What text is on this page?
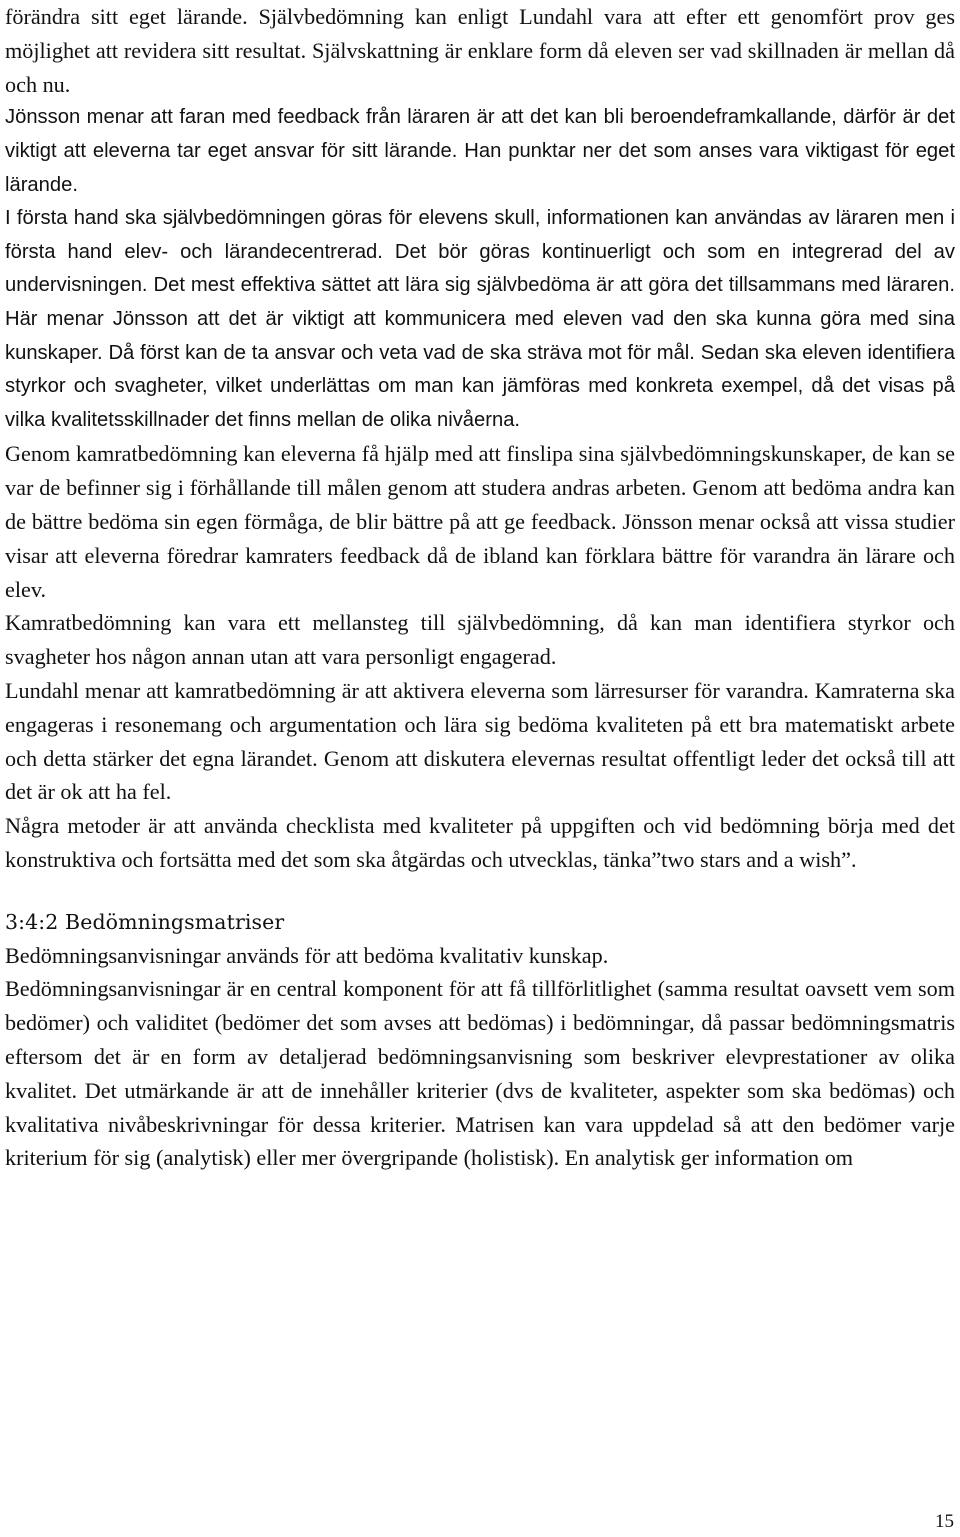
förändra sitt eget lärande. Självbedömning kan enligt Lundahl vara att efter ett genomfört prov ges möjlighet att revidera sitt resultat. Självskattning är enklare form då eleven ser vad skillnaden är mellan då och nu.
Jönsson menar att faran med feedback från läraren är att det kan bli beroendeframkallande, därför är det viktigt att eleverna tar eget ansvar för sitt lärande. Han punktar ner det som anses vara viktigast för eget lärande.
I första hand ska självbedömningen göras för elevens skull, informationen kan användas av läraren men i första hand elev- och lärandecentrerad. Det bör göras kontinuerligt och som en integrerad del av undervisningen. Det mest effektiva sättet att lära sig självbedöma är att göra det tillsammans med läraren. Här menar Jönsson att det är viktigt att kommunicera med eleven vad den ska kunna göra med sina kunskaper. Då först kan de ta ansvar och veta vad de ska sträva mot för mål. Sedan ska eleven identifiera styrkor och svagheter, vilket underlättas om man kan jämföras med konkreta exempel, då det visas på vilka kvalitetsskillnader det finns mellan de olika nivåerna.
Genom kamratbedömning kan eleverna få hjälp med att finslipa sina självbedömningskunskaper, de kan se var de befinner sig i förhållande till målen genom att studera andras arbeten. Genom att bedöma andra kan de bättre bedöma sin egen förmåga, de blir bättre på att ge feedback. Jönsson menar också att vissa studier visar att eleverna föredrar kamraters feedback då de ibland kan förklara bättre för varandra än lärare och elev.
Kamratbedömning kan vara ett mellansteg till självbedömning, då kan man identifiera styrkor och svagheter hos någon annan utan att vara personligt engagerad.
Lundahl menar att kamratbedömning är att aktivera eleverna som lärresurser för varandra. Kamraterna ska engageras i resonemang och argumentation och lära sig bedöma kvaliteten på ett bra matematiskt arbete och detta stärker det egna lärandet. Genom att diskutera elevernas resultat offentligt leder det också till att det är ok att ha fel.
Några metoder är att använda checklista med kvaliteter på uppgiften och vid bedömning börja med det konstruktiva och fortsätta med det som ska åtgärdas och utvecklas, tänka”two stars and a wish”.
3:4:2 Bedömningsmatriser
Bedömningsanvisningar används för att bedöma kvalitativ kunskap.
Bedömningsanvisningar är en central komponent för att få tillförlitlighet (samma resultat oavsett vem som bedömer) och validitet (bedömer det som avses att bedömas) i bedömningar, då passar bedömningsmatris eftersom det är en form av detaljerad bedömningsanvisning som beskriver elevprestationer av olika kvalitet. Det utmärkande är att de innehåller kriterier (dvs de kvaliteter, aspekter som ska bedömas) och kvalitativa nivåbeskrivningar för dessa kriterier. Matrisen kan vara uppdelad så att den bedömer varje kriterium för sig (analytisk) eller mer övergripande (holistisk). En analytisk ger information om
15
